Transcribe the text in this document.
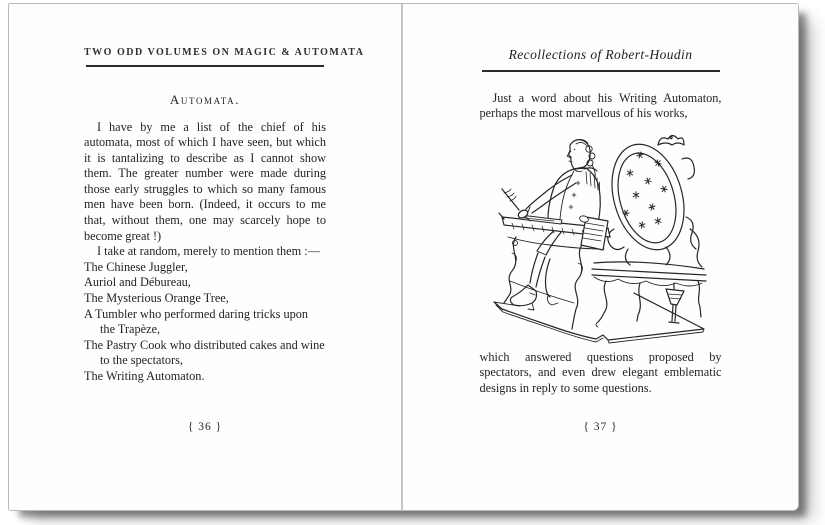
TWO ODD VOLUMES ON MAGIC & AUTOMATA
Automata.

I have by me a list of the chief of his automata, most of which I have seen, but which it is tantalizing to describe as I cannot show them. The greater number were made during those early struggles to which so many famous men have been born. (Indeed, it occurs to me that, without them, one may scarcely hope to become great !)

I take at random, merely to mention them :—

The Chinese Juggler,
Auriol and Débureau,
The Mysterious Orange Tree,
A Tumbler who performed daring tricks upon the Trapèze,
The Pastry Cook who distributed cakes and wine to the spectators,
The Writing Automaton.
{ 36 }
Recollections of Robert-Houdin

Just a word about his Writing Automaton, perhaps the most marvellous of his works,

which answered questions proposed by spectators, and even drew elegant emblematic designs in reply to some questions.

{ 37 }
